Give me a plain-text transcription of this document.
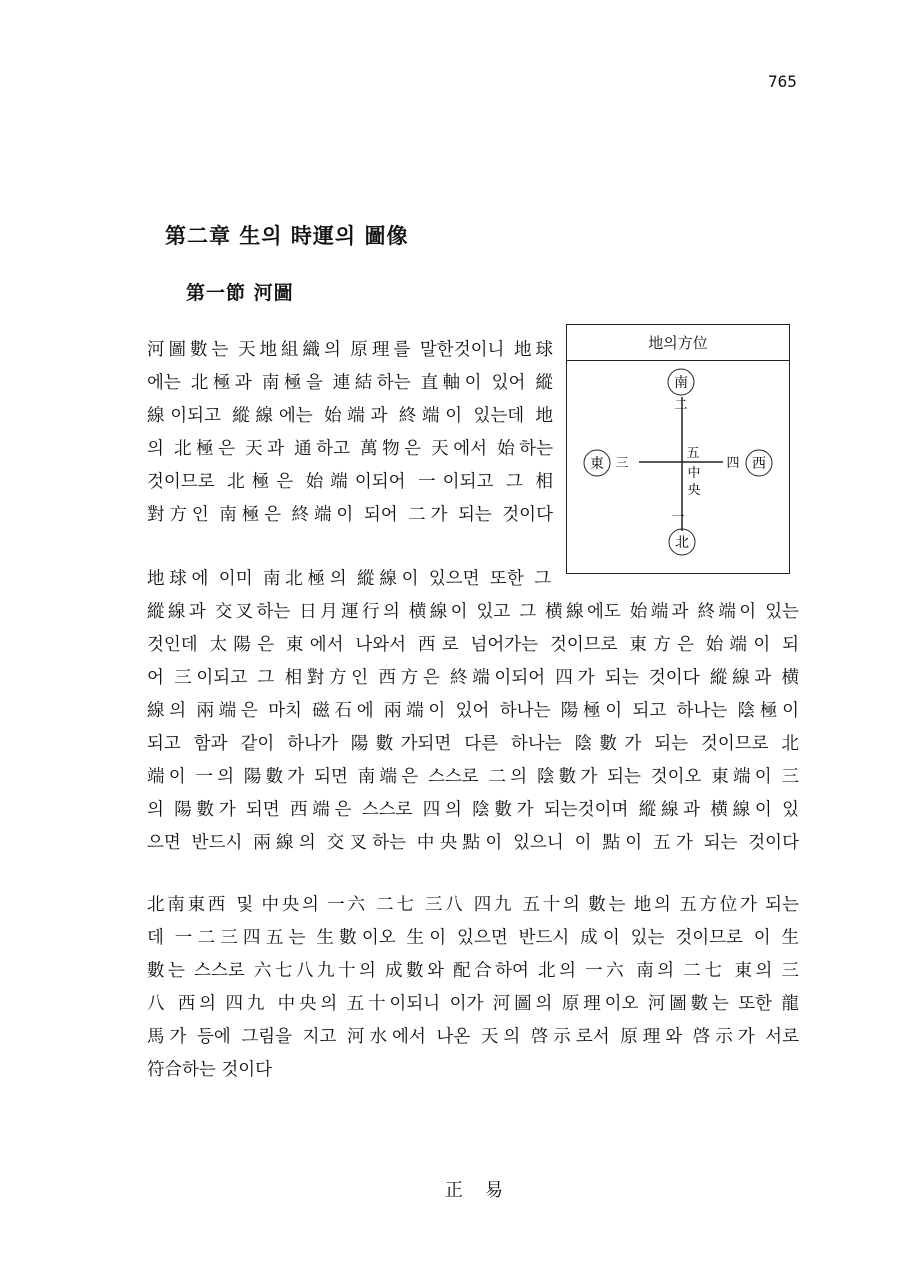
765
第二章 生의 時運의 圖像
第一節 河圖
河圖數는 天地組織의 原理를 말한것이니 地球
에는 北極과 南極을 連結하는 直軸이 있어 縱
線이되고 縱線에는 始端과 終端이 있는데 地
의 北極은 天과 通하고 萬物은 天에서 始하는
것이므로 北極은 始端이되어 一이되고 그 相
對方인 南極은 終端이 되어 二가 되는 것이다
地의方位
南
北
東	西
二
一
三	四
五
中
央
地球에 이미 南北極의 縱線이 있으면 또한 그
縱線과 交叉하는 日月運行의 横線이 있고 그 横線에도 始端과 終端이 있는
것인데 太陽은 東에서 나와서 西로 넘어가는 것이므로 東方은 始端이 되
어 三이되고 그 相對方인 西方은 終端이되어 四가 되는 것이다 縱線과 横
線의 兩端은 마치 磁石에 兩端이 있어 하나는 陽極이 되고 하나는 陰極이
되고 함과 같이 하나가 陽數가되면 다른 하나는 陰數가 되는 것이므로 北
端이 一의 陽數가 되면 南端은 스스로 二의 陰數가 되는 것이오 東端이 三
의 陽數가 되면 西端은 스스로 四의 陰數가 되는것이며 縱線과 横線이 있
으면 반드시 兩線의 交叉하는 中央點이 있으니 이 點이 五가 되는 것이다
北南東西 및 中央의 一六 二七 三八 四九 五十의 數는 地의 五方位가 되는
데 一二三四五는 生數이오 生이 있으면 반드시 成이 있는 것이므로 이 生
數는 스스로 六七八九十의 成數와 配合하여 北의 一六 南의 二七 東의 三
八 西의 四九 中央의 五十이되니 이가 河圖의 原理이오 河圖數는 또한 龍
馬가 등에 그림을 지고 河水에서 나온 天의 啓示로서 原理와 啓示가 서로
符合하는 것이다
正易
